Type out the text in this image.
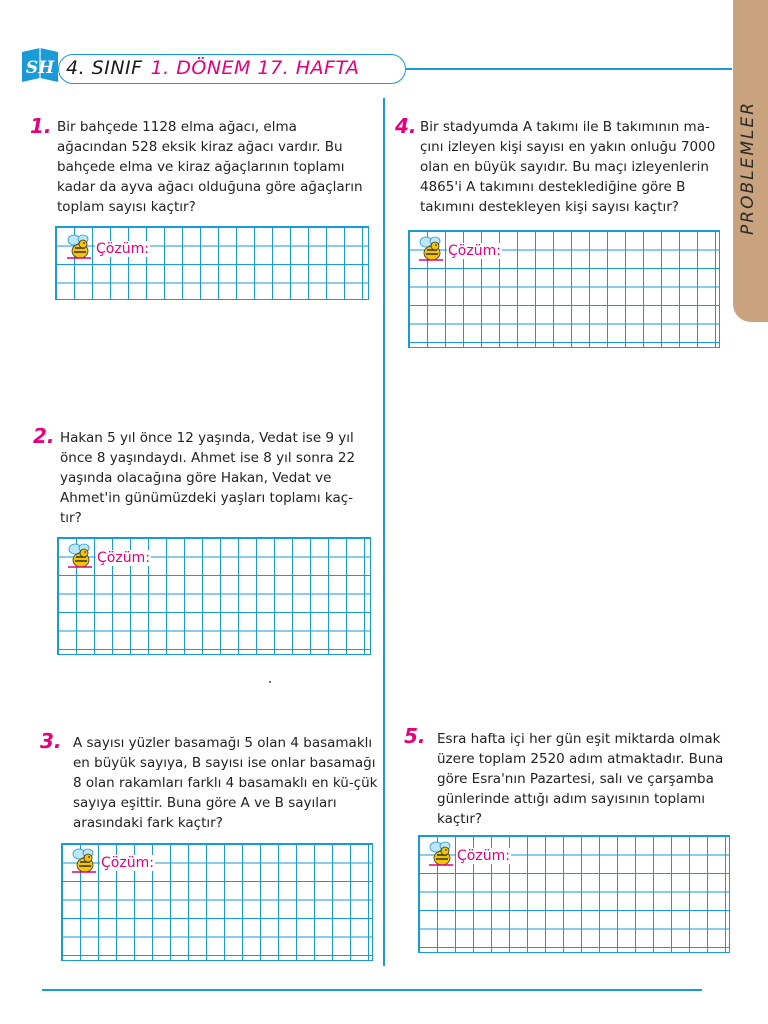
SH 4. SINIF 1. DÖNEM 17. HAFTA
PROBLEMLER
1. Bir bahçede 1128 elma ağacı, elma ağacından 528 eksik kiraz ağacı vardır. Bu bahçede elma ve kiraz ağaçlarının toplamı kadar da ayva ağacı olduğuna göre ağaçların toplam sayısı kaçtır?
Çözüm:
2. Hakan 5 yıl önce 12 yaşında, Vedat ise 9 yıl önce 8 yaşındaydı. Ahmet ise 8 yıl sonra 22 yaşında olacağına göre Hakan, Vedat ve Ahmet'in günümüzdeki yaşları toplamı kaç-tır?
Çözüm:
3. A sayısı yüzler basamağı 5 olan 4 basamaklı en büyük sayıya, B sayısı ise onlar basamağı 8 olan rakamları farklı 4 basamaklı en kü-çük sayıya eşittir. Buna göre A ve B sayıları arasındaki fark kaçtır?
Çözüm:
4. Bir stadyumda A takımı ile B takımının ma-çını izleyen kişi sayısı en yakın onluğu 7000 olan en büyük sayıdır. Bu maçı izleyenlerin 4865'i A takımını desteklediğine göre B takımını destekleyen kişi sayısı kaçtır?
Çözüm:
5. Esra hafta içi her gün eşit miktarda olmak üzere toplam 2520 adım atmaktadır. Buna göre Esra'nın Pazartesi, salı ve çarşamba günlerinde attığı adım sayısının toplamı kaçtır?
Çözüm:
